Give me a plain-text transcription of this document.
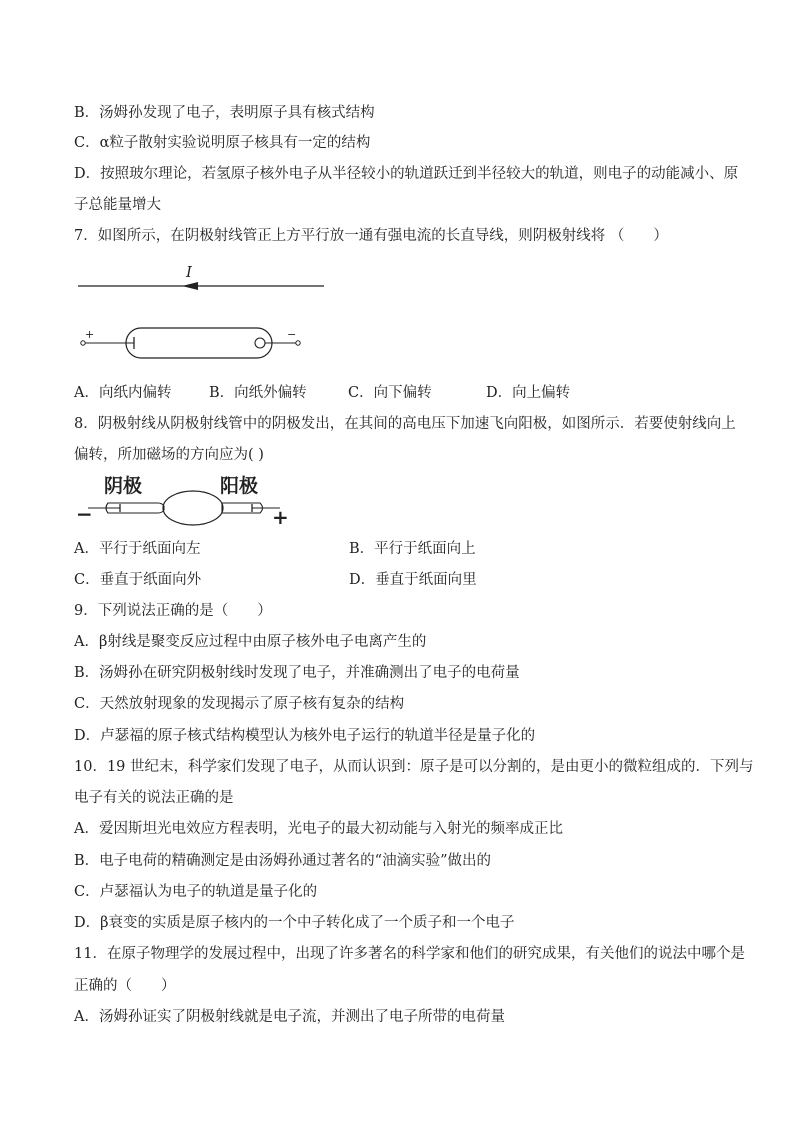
B．汤姆孙发现了电子，表明原子具有核式结构
C．α粒子散射实验说明原子核具有一定的结构
D．按照玻尔理论，若氢原子核外电子从半径较小的轨道跃迁到半径较大的轨道，则电子的动能减小、原
子总能量增大
7．如图所示，在阴极射线管正上方平行放一通有强电流的长直导线，则阴极射线将 （　　）
I
+	−
A．向纸内偏转	B．向纸外偏转	C．向下偏转	D．向上偏转
8．阴极射线从阴极射线管中的阴极发出，在其间的高电压下加速飞向阳极，如图所示．若要使射线向上
偏转，所加磁场的方向应为( )
阴极	阳极
−	+
A．平行于纸面向左	B．平行于纸面向上
C．垂直于纸面向外	D．垂直于纸面向里
9．下列说法正确的是（　　）
A．β射线是聚变反应过程中由原子核外电子电离产生的
B．汤姆孙在研究阴极射线时发现了电子，并准确测出了电子的电荷量
C．天然放射现象的发现揭示了原子核有复杂的结构
D．卢瑟福的原子核式结构模型认为核外电子运行的轨道半径是量子化的
10．19 世纪末，科学家们发现了电子，从而认识到：原子是可以分割的，是由更小的微粒组成的．下列与
电子有关的说法正确的是
A．爱因斯坦光电效应方程表明，光电子的最大初动能与入射光的频率成正比
B．电子电荷的精确测定是由汤姆孙通过著名的“油滴实验”做出的
C．卢瑟福认为电子的轨道是量子化的
D．β衰变的实质是原子核内的一个中子转化成了一个质子和一个电子
11．在原子物理学的发展过程中，出现了许多著名的科学家和他们的研究成果，有关他们的说法中哪个是
正确的（　　）
A．汤姆孙证实了阴极射线就是电子流，并测出了电子所带的电荷量
